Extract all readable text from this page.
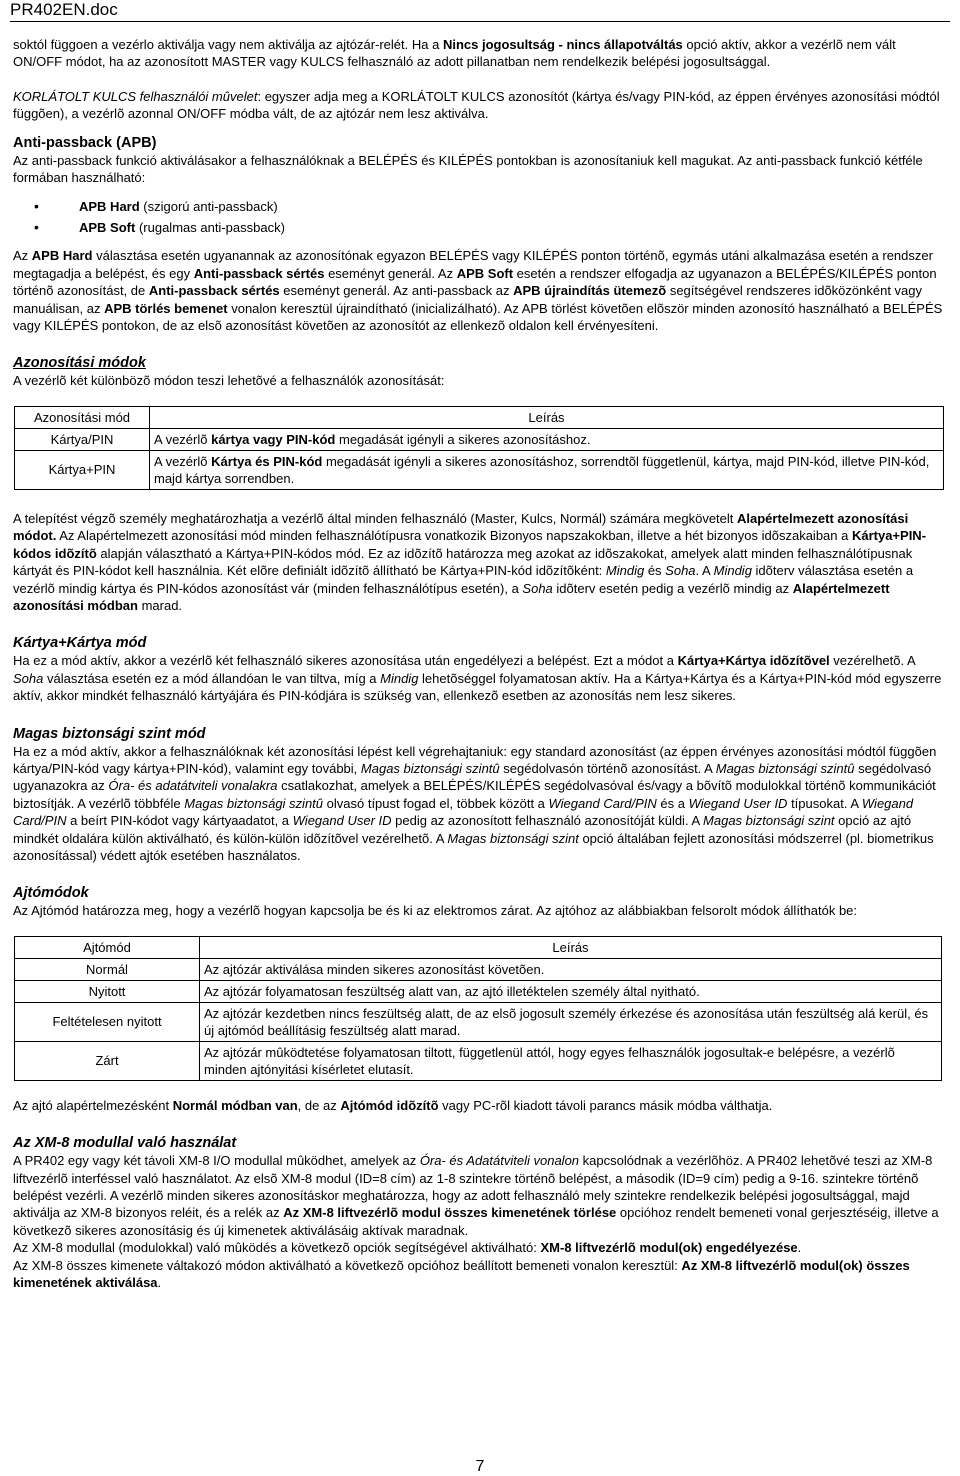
PR402EN.doc

soktól függoen a vezérlo aktiválja vagy nem aktiválja az ajtózár-relét. Ha a Nincs jogosultság - nincs állapotváltás opció aktív, akkor a vezérlõ nem vált ON/OFF módot, ha az azonosított MASTER vagy KULCS felhasználó az adott pillanatban nem rendelkezik belépési jogosultsággal.

KORLÁTOLT KULCS felhasználói mûvelet: egyszer adja meg a KORLÁTOLT KULCS azonosítót (kártya és/vagy PIN-kód, az éppen érvényes azonosítási módtól függõen), a vezérlõ azonnal ON/OFF módba vált, de az ajtózár nem lesz aktiválva.

Anti-passback (APB)

Az anti-passback funkció aktiválásakor a felhasználóknak a BELÉPÉS és KILÉPÉS pontokban is azonosítaniuk kell magukat. Az anti-passback funkció kétféle formában használható:

• APB Hard (szigorú anti-passback)
• APB Soft (rugalmas anti-passback)

Az APB Hard választása esetén ugyanannak az azonosítónak egyazon BELÉPÉS vagy KILÉPÉS ponton történõ, egymás utáni alkalmazása esetén a rendszer megtagadja a belépést, és egy Anti-passback sértés eseményt generál. Az APB Soft esetén a rendszer elfogadja az ugyanazon a BELÉPÉS/KILÉPÉS ponton történõ azonosítást, de Anti-passback sértés eseményt generál. Az anti-passback az APB újraindítás ütemezõ segítségével rendszeres idõközönként vagy manuálisan, az APB törlés bemenet vonalon keresztül újraindítható (inicializálható). Az APB törlést követõen elõször minden azonosító használható a BELÉPÉS vagy KILÉPÉS pontokon, de az elsõ azonosítást követõen az azonosítót az ellenkezõ oldalon kell érvényesíteni.

Azonosítási módok

A vezérlõ két különbözõ módon teszi lehetõvé a felhasználók azonosítását:

Azonosítási mód	Leírás
Kártya/PIN	A vezérlõ kártya vagy PIN-kód megadását igényli a sikeres azonosításhoz.
Kártya+PIN	A vezérlõ Kártya és PIN-kód megadását igényli a sikeres azonosításhoz, sorrendtõl függetlenül, kártya, majd PIN-kód, illetve PIN-kód, majd kártya sorrendben.

A telepítést végzõ személy meghatározhatja a vezérlõ által minden felhasználó (Master, Kulcs, Normál) számára megkövetelt Alapértelmezett azonosítási módot. Az Alapértelmezett azonosítási mód minden felhasználótípusra vonatkozik Bizonyos napszakokban, illetve a hét bizonyos idõszakaiban a Kártya+PIN-kódos idõzítõ alapján választható a Kártya+PIN-kódos mód. Ez az idõzítõ határozza meg azokat az idõszakokat, amelyek alatt minden felhasználótípusnak kártyát és PIN-kódot kell használnia. Két elõre definiált idõzítõ állítható be Kártya+PIN-kód idõzítõként: Mindig és Soha. A Mindig idõterv választása esetén a vezérlõ mindig kártya és PIN-kódos azonosítást vár (minden felhasználótípus esetén), a Soha idõterv esetén pedig a vezérlõ mindig az Alapértelmezett azonosítási módban marad.

Kártya+Kártya mód

Ha ez a mód aktív, akkor a vezérlõ két felhasználó sikeres azonosítása után engedélyezi a belépést. Ezt a módot a Kártya+Kártya idõzítõvel vezérelhetõ. A Soha választása esetén ez a mód állandóan le van tiltva, míg a Mindig lehetõséggel folyamatosan aktív. Ha a Kártya+Kártya és a Kártya+PIN-kód mód egyszerre aktív, akkor mindkét felhasználó kártyájára és PIN-kódjára is szükség van, ellenkezõ esetben az azonosítás nem lesz sikeres.

Magas biztonsági szint mód

Ha ez a mód aktív, akkor a felhasználóknak két azonosítási lépést kell végrehajtaniuk: egy standard azonosítást (az éppen érvényes azonosítási módtól függõen kártya/PIN-kód vagy kártya+PIN-kód), valamint egy további, Magas biztonsági szintû segédolvasón történõ azonosítást. A Magas biztonsági szintû segédolvasó ugyanazokra az Óra- és adatátviteli vonalakra csatlakozhat, amelyek a BELÉPÉS/KILÉPÉS segédolvasóval és/vagy a bõvítõ modulokkal történõ kommunikációt biztosítják. A vezérlõ többféle Magas biztonsági szintû olvasó típust fogad el, többek között a Wiegand Card/PIN és a Wiegand User ID típusokat. A Wiegand Card/PIN a beírt PIN-kódot vagy kártyaadatot, a Wiegand User ID pedig az azonosított felhasználó azonosítóját küldi. A Magas biztonsági szint opció az ajtó mindkét oldalára külön aktiválható, és külön-külön idõzítõvel vezérelhetõ. A Magas biztonsági szint opció általában fejlett azonosítási módszerrel (pl. biometrikus azonosítással) védett ajtók esetében használatos.

Ajtómódok

Az Ajtómód határozza meg, hogy a vezérlõ hogyan kapcsolja be és ki az elektromos zárat. Az ajtóhoz az alábbiakban felsorolt módok állíthatók be:

Ajtómód	Leírás
Normál	Az ajtózár aktiválása minden sikeres azonosítást követõen.
Nyitott	Az ajtózár folyamatosan feszültség alatt van, az ajtó illetéktelen személy által nyitható.
Feltételesen nyitott	Az ajtózár kezdetben nincs feszültség alatt, de az elsõ jogosult személy érkezése és azonosítása után feszültség alá kerül, és új ajtómód beállításig feszültség alatt marad.
Zárt	Az ajtózár mûködtetése folyamatosan tiltott, függetlenül attól, hogy egyes felhasználók jogosultak-e belépésre, a vezérlõ minden ajtónyitási kísérletet elutasít.

Az ajtó alapértelmezésként Normál módban van, de az Ajtómód idõzítõ vagy PC-rõl kiadott távoli parancs másik módba válthatja.

Az XM-8 modullal való használat

A PR402 egy vagy két távoli XM-8 I/O modullal mûködhet, amelyek az Óra- és Adatátviteli vonalon kapcsolódnak a vezérlõhöz. A PR402 lehetõvé teszi az XM-8 liftvezérlõ interféssel való használatot. Az elsõ XM-8 modul (ID=8 cím) az 1-8 szintekre történõ belépést, a második (ID=9 cím) pedig a 9-16. szintekre történõ belépést vezérli. A vezérlõ minden sikeres azonosításkor meghatározza, hogy az adott felhasználó mely szintekre rendelkezik belépési jogosultsággal, majd aktiválja az XM-8 bizonyos reléit, és a relék az Az XM-8 liftvezérlõ modul összes kimenetének törlése opcióhoz rendelt bemeneti vonal gerjesztéséig, illetve a következõ sikeres azonosításig és új kimenetek aktiválásáig aktívak maradnak.

Az XM-8 modullal (modulokkal) való mûködés a következõ opciók segítségével aktiválható: XM-8 liftvezérlõ modul(ok) engedélyezése.

Az XM-8 összes kimenete váltakozó módon aktiválható a következõ opcióhoz beállított bemeneti vonalon keresztül: Az XM-8 liftvezérlõ modul(ok) összes kimenetének aktiválása.

7
